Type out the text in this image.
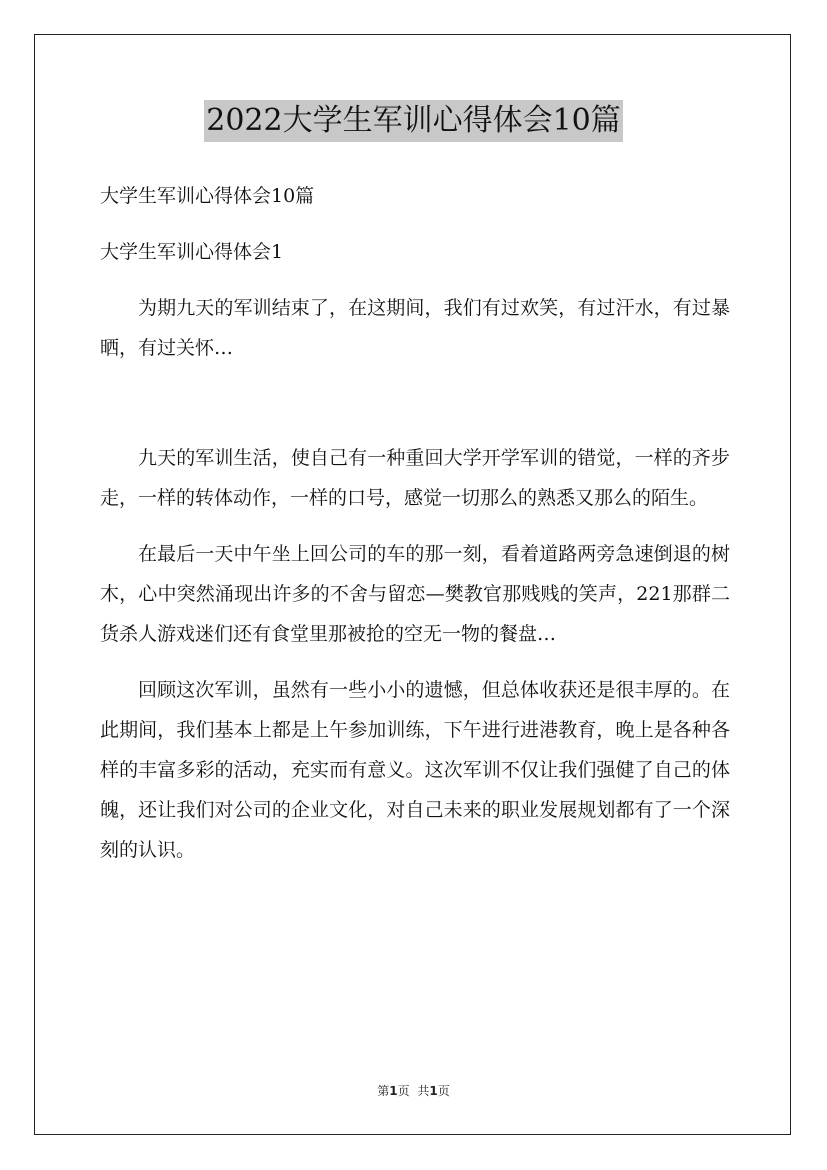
2022大学生军训心得体会10篇

大学生军训心得体会10篇

大学生军训心得体会1

为期九天的军训结束了，在这期间，我们有过欢笑，有过汗水，有过暴晒，有过关怀…

九天的军训生活，使自己有一种重回大学开学军训的错觉，一样的齐步走，一样的转体动作，一样的口号，感觉一切那么的熟悉又那么的陌生。

在最后一天中午坐上回公司的车的那一刻，看着道路两旁急速倒退的树木，心中突然涌现出许多的不舍与留恋—樊教官那贱贱的笑声，221那群二货杀人游戏迷们还有食堂里那被抢的空无一物的餐盘…

回顾这次军训，虽然有一些小小的遗憾，但总体收获还是很丰厚的。在此期间，我们基本上都是上午参加训练，下午进行进港教育，晚上是各种各样的丰富多彩的活动，充实而有意义。这次军训不仅让我们强健了自己的体魄，还让我们对公司的企业文化，对自己未来的职业发展规划都有了一个深刻的认识。

第1页 共1页
